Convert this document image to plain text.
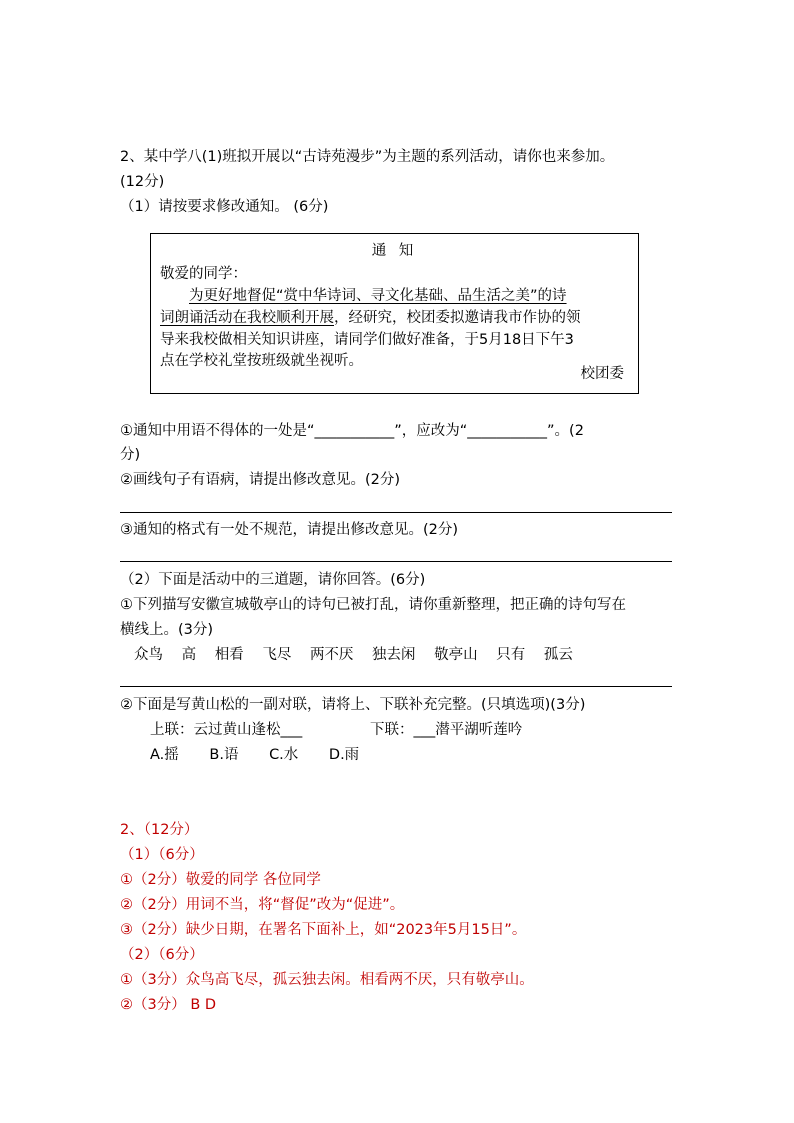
2、某中学八(1)班拟开展以“古诗苑漫步”为主题的系列活动，请你也来参加。
(12分)
（1）请按要求修改通知。 (6分)
通 知
敬爱的同学：
为更好地督促“赏中华诗词、寻文化基础、品生活之美”的诗
词朗诵活动在我校顺利开展，经研究，校团委拟邀请我市作协的领
导来我校做相关知识讲座，请同学们做好准备，于5月18日下午3
点在学校礼堂按班级就坐视听。
校团委
①通知中用语不得体的一处是“___________”，应改为“___________”。(2
分)
②画线句子有语病，请提出修改意见。(2分)
③通知的格式有一处不规范，请提出修改意见。(2分)
（2）下面是活动中的三道题，请你回答。(6分)
①下列描写安徽宣城敬亭山的诗句已被打乱，请你重新整理，把正确的诗句写在
横线上。(3分)
众鸟 高 相看 飞尽 两不厌 独去闲 敬亭山 只有 孤云
②下面是写黄山松的一副对联，请将上、下联补充完整。(只填选项)(3分)
上联：云过黄山逢松___	下联：___潜平湖听莲吟
A.摇 B.语 C.水 D.雨
2、（12分）
（1）（6分）
①（2分）敬爱的同学 各位同学
②（2分）用词不当，将“督促”改为“促进”。
③（2分）缺少日期，在署名下面补上，如“2023年5月15日”。
（2）（6分）
①（3分）众鸟高飞尽，孤云独去闲。相看两不厌，只有敬亭山。
②（3分） B D
